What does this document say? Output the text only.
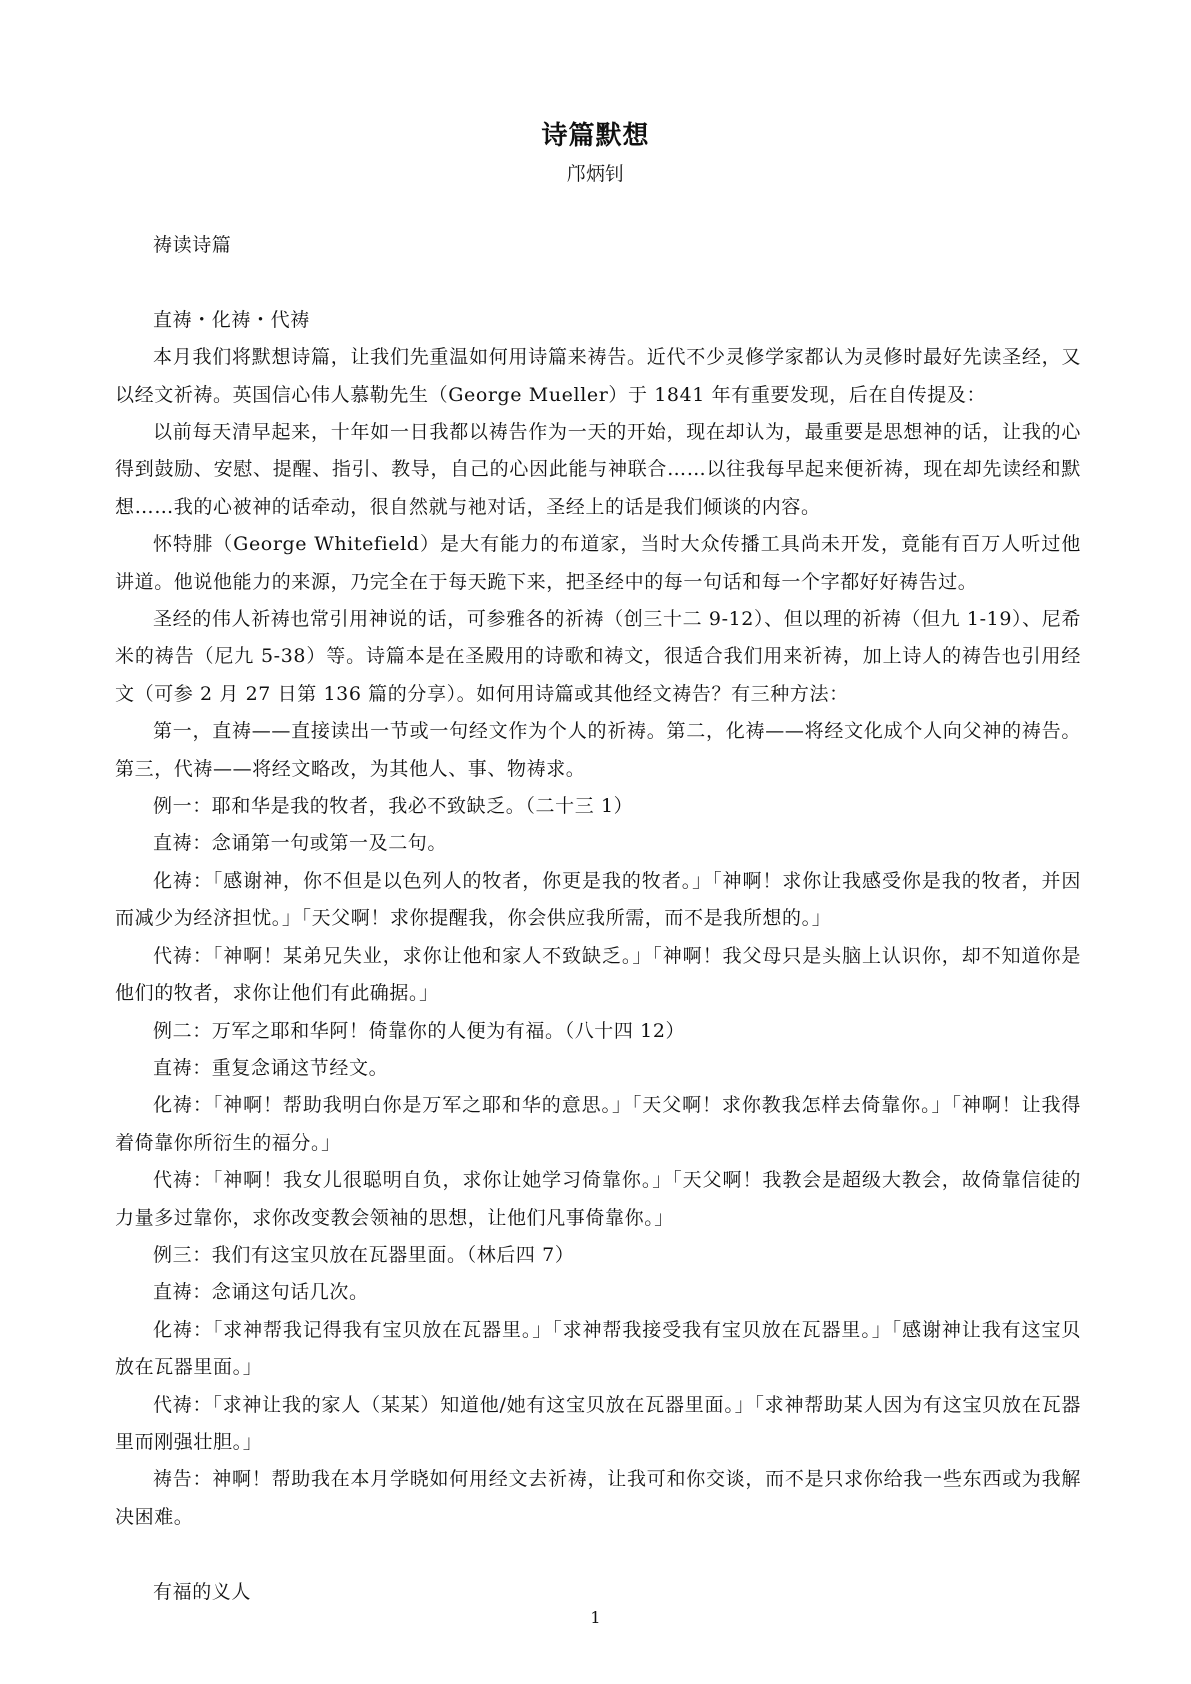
诗篇默想
邝炳钊

祷读诗篇

直祷・化祷・代祷

本月我们将默想诗篇，让我们先重温如何用诗篇来祷告。近代不少灵修学家都认为灵修时最好先读圣经，又以经文祈祷。英国信心伟人慕勒先生（George Mueller）于 1841 年有重要发现，后在自传提及：

以前每天清早起来，十年如一日我都以祷告作为一天的开始，现在却认为，最重要是思想神的话，让我的心得到鼓励、安慰、提醒、指引、教导，自己的心因此能与神联合……以往我每早起来便祈祷，现在却先读经和默想……我的心被神的话牵动，很自然就与祂对话，圣经上的话是我们倾谈的内容。

怀特腓（George Whitefield）是大有能力的布道家，当时大众传播工具尚未开发，竟能有百万人听过他讲道。他说他能力的来源，乃完全在于每天跪下来，把圣经中的每一句话和每一个字都好好祷告过。

圣经的伟人祈祷也常引用神说的话，可参雅各的祈祷（创三十二 9-12）、但以理的祈祷（但九 1-19）、尼希米的祷告（尼九 5-38）等。诗篇本是在圣殿用的诗歌和祷文，很适合我们用来祈祷，加上诗人的祷告也引用经文（可参 2 月 27 日第 136 篇的分享）。如何用诗篇或其他经文祷告？有三种方法：

第一，直祷——直接读出一节或一句经文作为个人的祈祷。第二，化祷——将经文化成个人向父神的祷告。第三，代祷——将经文略改，为其他人、事、物祷求。

例一：耶和华是我的牧者，我必不致缺乏。（二十三 1）

直祷：念诵第一句或第一及二句。

化祷：「感谢神，你不但是以色列人的牧者，你更是我的牧者。」「神啊！求你让我感受你是我的牧者，并因而减少为经济担忧。」「天父啊！求你提醒我，你会供应我所需，而不是我所想的。」

代祷：「神啊！某弟兄失业，求你让他和家人不致缺乏。」「神啊！我父母只是头脑上认识你，却不知道你是他们的牧者，求你让他们有此确据。」

例二：万军之耶和华阿！倚靠你的人便为有福。（八十四 12）

直祷：重复念诵这节经文。

化祷：「神啊！帮助我明白你是万军之耶和华的意思。」「天父啊！求你教我怎样去倚靠你。」「神啊！让我得着倚靠你所衍生的福分。」

代祷：「神啊！我女儿很聪明自负，求你让她学习倚靠你。」「天父啊！我教会是超级大教会，故倚靠信徒的力量多过靠你，求你改变教会领袖的思想，让他们凡事倚靠你。」

例三：我们有这宝贝放在瓦器里面。（林后四 7）

直祷：念诵这句话几次。

化祷：「求神帮我记得我有宝贝放在瓦器里。」「求神帮我接受我有宝贝放在瓦器里。」「感谢神让我有这宝贝放在瓦器里面。」

代祷：「求神让我的家人（某某）知道他/她有这宝贝放在瓦器里面。」「求神帮助某人因为有这宝贝放在瓦器里而刚强壮胆。」

祷告：神啊！帮助我在本月学晓如何用经文去祈祷，让我可和你交谈，而不是只求你给我一些东西或为我解决困难。

有福的义人

1
